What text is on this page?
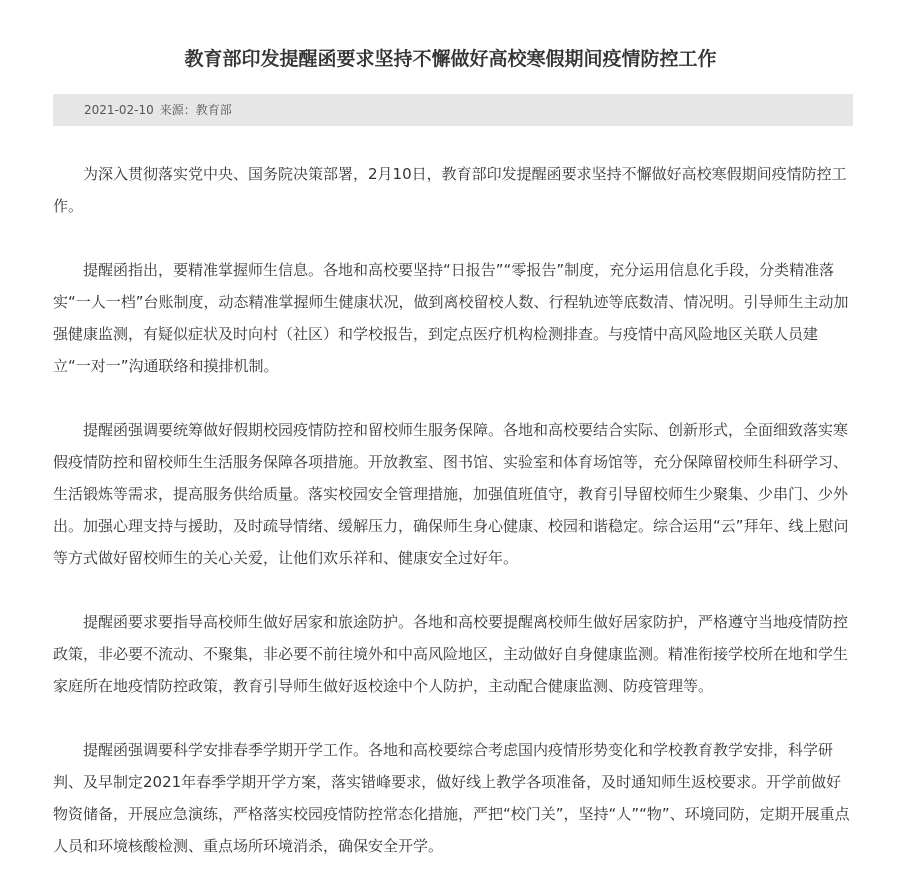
教育部印发提醒函要求坚持不懈做好高校寒假期间疫情防控工作
2021-02-10 来源：教育部

为深入贯彻落实党中央、国务院决策部署，2月10日，教育部印发提醒函要求坚持不懈做好高校寒假期间疫情防控工作。

提醒函指出，要精准掌握师生信息。各地和高校要坚持“日报告”“零报告”制度，充分运用信息化手段，分类精准落实“一人一档”台账制度，动态精准掌握师生健康状况，做到离校留校人数、行程轨迹等底数清、情况明。引导师生主动加强健康监测，有疑似症状及时向村（社区）和学校报告，到定点医疗机构检测排查。与疫情中高风险地区关联人员建立“一对一”沟通联络和摸排机制。

提醒函强调要统筹做好假期校园疫情防控和留校师生服务保障。各地和高校要结合实际、创新形式，全面细致落实寒假疫情防控和留校师生生活服务保障各项措施。开放教室、图书馆、实验室和体育场馆等，充分保障留校师生科研学习、生活锻炼等需求，提高服务供给质量。落实校园安全管理措施，加强值班值守，教育引导留校师生少聚集、少串门、少外出。加强心理支持与援助，及时疏导情绪、缓解压力，确保师生身心健康、校园和谐稳定。综合运用“云”拜年、线上慰问等方式做好留校师生的关心关爱，让他们欢乐祥和、健康安全过好年。

提醒函要求要指导高校师生做好居家和旅途防护。各地和高校要提醒离校师生做好居家防护，严格遵守当地疫情防控政策，非必要不流动、不聚集，非必要不前往境外和中高风险地区，主动做好自身健康监测。精准衔接学校所在地和学生家庭所在地疫情防控政策，教育引导师生做好返校途中个人防护，主动配合健康监测、防疫管理等。

提醒函强调要科学安排春季学期开学工作。各地和高校要综合考虑国内疫情形势变化和学校教育教学安排，科学研判、及早制定2021年春季学期开学方案，落实错峰要求，做好线上教学各项准备，及时通知师生返校要求。开学前做好物资储备，开展应急演练，严格落实校园疫情防控常态化措施，严把“校门关”，坚持“人”“物”、环境同防，定期开展重点人员和环境核酸检测、重点场所环境消杀，确保安全开学。
